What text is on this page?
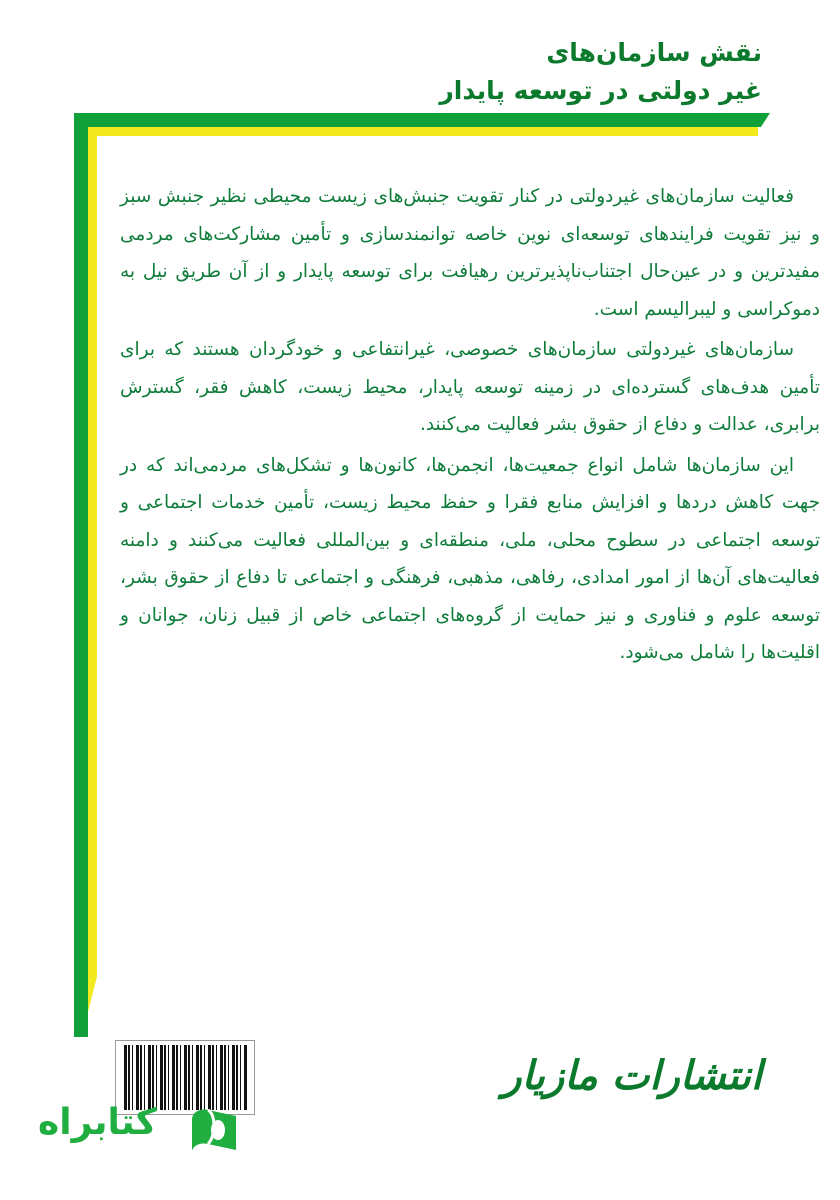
نقش سازمان‌های
غیر دولتی در توسعه پایدار

فعالیت سازمان‌های غیردولتی در کنار تقویت جنبش‌های زیست محیطی نظیر جنبش سبز و نیز تقویت فرایندهای توسعه‌ای نوین خاصه توانمندسازی و تأمین مشارکت‌های مردمی مفیدترین و در عین‌حال اجتناب‌ناپذیرترین رهیافت برای توسعه پایدار و از آن طریق نیل به دموکراسی و لیبرالیسم است.

سازمان‌های غیردولتی سازمان‌های خصوصی، غیرانتفاعی و خودگردان هستند که برای تأمین هدف‌های گسترده‌ای در زمینه توسعه پایدار، محیط زیست، کاهش فقر، گسترش برابری، عدالت و دفاع از حقوق بشر فعالیت می‌کنند.

این سازمان‌ها شامل انواع جمعیت‌ها، انجمن‌ها، کانون‌ها و تشکل‌های مردمی‌اند که در جهت کاهش دردها و افزایش منابع فقرا و حفظ محیط زیست، تأمین خدمات اجتماعی و توسعه اجتماعی در سطوح محلی، ملی، منطقه‌ای و بین‌المللی فعالیت می‌کنند و دامنه فعالیت‌های آن‌ها از امور امدادی، رفاهی، مذهبی، فرهنگی و اجتماعی تا دفاع از حقوق بشر، توسعه علوم و فناوری و نیز حمایت از گروه‌های اجتماعی خاص از قبیل زنان، جوانان و اقلیت‌ها را شامل می‌شود.

انتشارات مازیار
کتابراه
